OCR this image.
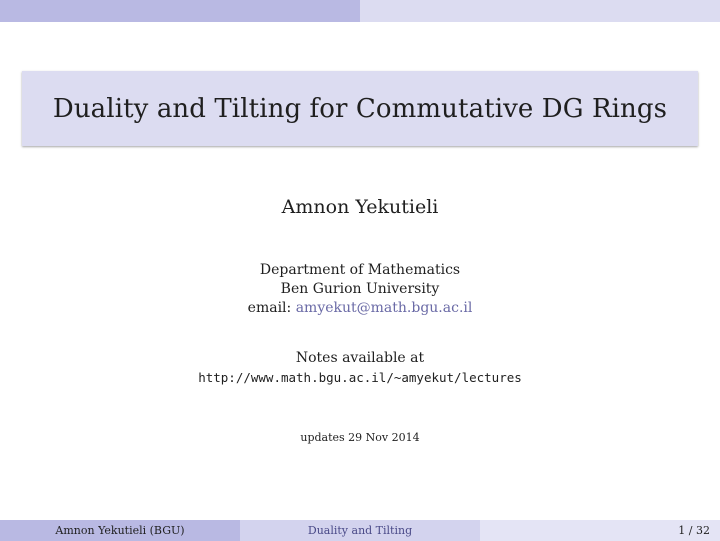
Duality and Tilting for Commutative DG Rings
Amnon Yekutieli
Department of Mathematics
Ben Gurion University
email: amyekut@math.bgu.ac.il
Notes available at
http://www.math.bgu.ac.il/~amyekut/lectures
updates 29 Nov 2014
Amnon Yekutieli (BGU)	Duality and Tilting	1 / 32
